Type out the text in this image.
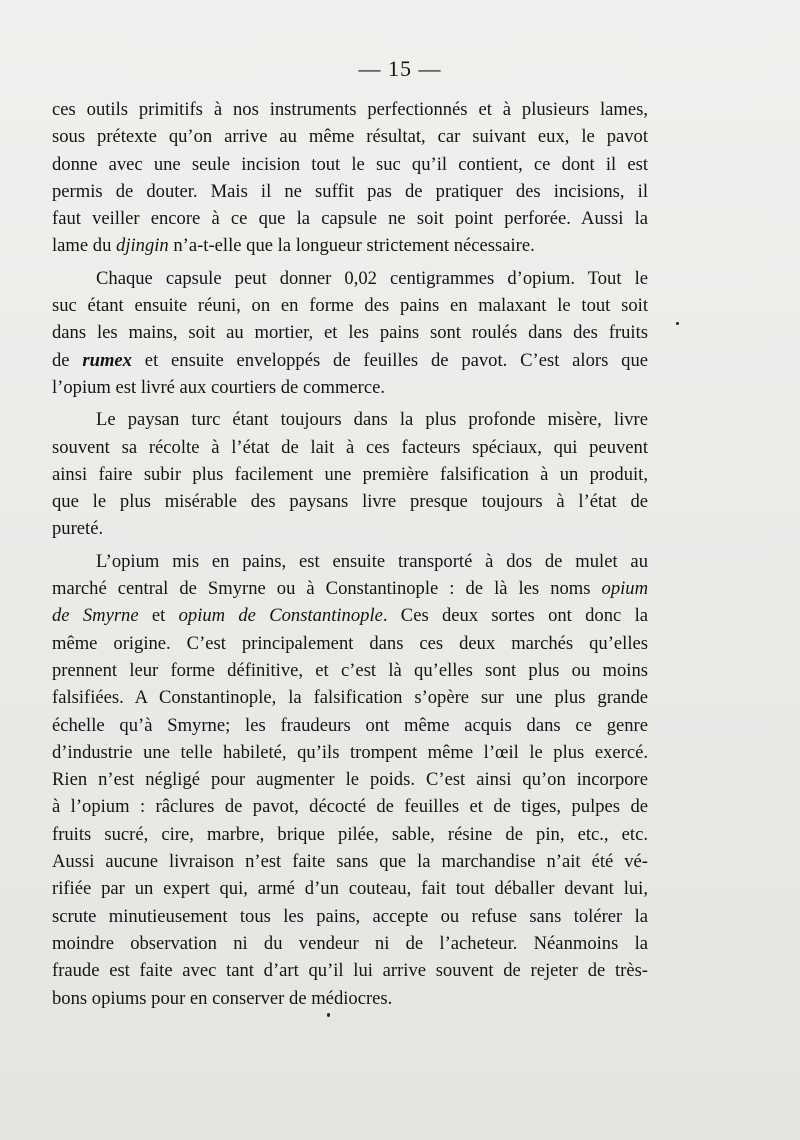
— 15 —
ces outils primitifs à nos instruments perfectionnés et à plusieurs lames,
sous prétexte qu’on arrive au même résultat, car suivant eux, le pavot
donne avec une seule incision tout le suc qu’il contient, ce dont il est
permis de douter. Mais il ne suffit pas de pratiquer des incisions, il
faut veiller encore à ce que la capsule ne soit point perforée. Aussi la
lame du djingin n’a-t-elle que la longueur strictement nécessaire.
Chaque capsule peut donner 0,02 centigrammes d’opium. Tout le
suc étant ensuite réuni, on en forme des pains en malaxant le tout soit
dans les mains, soit au mortier, et les pains sont roulés dans des fruits
de rumex et ensuite enveloppés de feuilles de pavot. C’est alors que
l’opium est livré aux courtiers de commerce.
Le paysan turc étant toujours dans la plus profonde misère, livre
souvent sa récolte à l’état de lait à ces facteurs spéciaux, qui peuvent
ainsi faire subir plus facilement une première falsification à un produit,
que le plus misérable des paysans livre presque toujours à l’état de
pureté.
L’opium mis en pains, est ensuite transporté à dos de mulet au
marché central de Smyrne ou à Constantinople : de là les noms opium
de Smyrne et opium de Constantinople. Ces deux sortes ont donc la
même origine. C’est principalement dans ces deux marchés qu’elles
prennent leur forme définitive, et c’est là qu’elles sont plus ou moins
falsifiées. A Constantinople, la falsification s’opère sur une plus grande
échelle qu’à Smyrne; les fraudeurs ont même acquis dans ce genre
d’industrie une telle habileté, qu’ils trompent même l’œil le plus exercé.
Rien n’est négligé pour augmenter le poids. C’est ainsi qu’on incorpore
à l’opium : râclures de pavot, décocté de feuilles et de tiges, pulpes de
fruits sucré, cire, marbre, brique pilée, sable, résine de pin, etc., etc.
Aussi aucune livraison n’est faite sans que la marchandise n’ait été vé-
rifiée par un expert qui, armé d’un couteau, fait tout déballer devant lui,
scrute minutieusement tous les pains, accepte ou refuse sans tolérer la
moindre observation ni du vendeur ni de l’acheteur. Néanmoins la
fraude est faite avec tant d’art qu’il lui arrive souvent de rejeter de très-
bons opiums pour en conserver de médiocres.
